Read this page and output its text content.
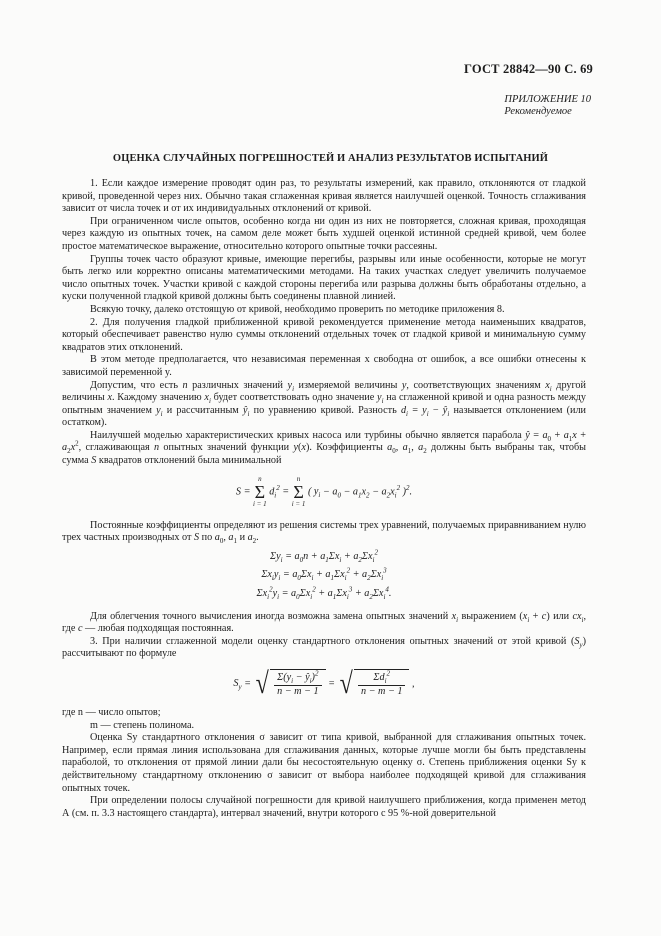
ГОСТ 28842—90 С. 69
ПРИЛОЖЕНИЕ 10
Рекомендуемое
ОЦЕНКА СЛУЧАЙНЫХ ПОГРЕШНОСТЕЙ И АНАЛИЗ РЕЗУЛЬТАТОВ ИСПЫТАНИЙ

1. Если каждое измерение проводят один раз, то результаты измерений, как правило, отклоняются от гладкой кривой, проведенной через них. Обычно такая сглаженная кривая является наилучшей оценкой. Точность сглаживания зависит от числа точек и от их индивидуальных отклонений от кривой.

При ограниченном числе опытов, особенно когда ни один из них не повторяется, сложная кривая, проходящая через каждую из опытных точек, на самом деле может быть худшей оценкой истинной средней кривой, чем более простое математическое выражение, относительно которого опытные точки рассеяны.

Группы точек часто образуют кривые, имеющие перегибы, разрывы или иные особенности, которые не могут быть легко или корректно описаны математическими методами. На таких участках следует увеличить получаемое число опытных точек. Участки кривой с каждой стороны перегиба или разрыва должны быть обработаны отдельно, а куски полученной гладкой кривой должны быть соединены плавной линией.

Всякую точку, далеко отстоящую от кривой, необходимо проверить по методике приложения 8.

2. Для получения гладкой приближенной кривой рекомендуется применение метода наименьших квадратов, который обеспечивает равенство нулю суммы отклонений отдельных точек от гладкой кривой и минимальную сумму квадратов этих отклонений.

В этом методе предполагается, что независимая переменная x свободна от ошибок, а все ошибки отнесены к зависимой переменной y.

Допустим, что есть n различных значений $y_i$ измеряемой величины y, соответствующих значениям $x_i$ другой величины x. Каждому значению $x_i$ будет соответствовать одно значение $y_i$ на сглаженной кривой и одна разность между опытным значением $y_i$ и рассчитанным $ŷ_i$ по уравнению кривой. Разность $d_i = y_i$ − $ŷ_i$ называется отклонением (или остатком).

Наилучшей моделью характеристических кривых насоса или турбины обычно является парабола ŷ = $a_0 + a_1x + a_2x^2$, сглаживающая n опытных значений функции y(x). Коэффициенты $a_0$, $a_1$, $a_2$ должны быть выбраны так, чтобы сумма S квадратов отклонений была минимальной

S =
n
Σ
i = 1
$d_i^2$ =
n
Σ
i = 1
( $y_i - a_0 - a_1x_2 - a_2x_i^2$ )$^2$.

Постоянные коэффициенты определяют из решения системы трех уравнений, получаемых приравниванием нулю трех частных производных от S по $a_0$, $a_1$ и $a_2$.

$\Sigma y_i = a_0n + a_1\Sigma x_i + a_2\Sigma x_i^2$
$\Sigma x_iy_i = a_0\Sigma x_i + a_1\Sigma x_i^2 + a_2\Sigma x_i^3$
$\Sigma x_i^2y_i = a_0\Sigma x_i^2 + a_1\Sigma x_i^3 + a_2\Sigma x_i^4$.

Для облегчения точного вычисления иногда возможна замена опытных значений $x_i$ выражением $(x_i + c)$ или $cx_i$, где c — любая подходящая постоянная.

3. При наличии сглаженной модели оценку стандартного отклонения опытных значений от этой кривой $(S_y)$ рассчитывают по формуле

$S_y$ = √ $\frac{\Sigma(y_i - ŷ_i)^2}{n - m - 1}$ = √ $\frac{\Sigma d_i^2}{n - m - 1}$ ,

где n — число опытов;

m — степень полинома.

Оценка Sy стандартного отклонения σ зависит от типа кривой, выбранной для сглаживания опытных точек. Например, если прямая линия использована для сглаживания данных, которые лучше могли бы быть представлены параболой, то отклонения от прямой линии дали бы несостоятельную оценку σ. Степень приближения оценки Sy к действительному стандартному отклонению σ зависит от выбора наиболее подходящей кривой для сглаживания опытных точек.

При определении полосы случайной погрешности для кривой наилучшего приближения, когда применен метод А (см. п. 3.3 настоящего стандарта), интервал значений, внутри которого с 95 %-ной доверительной
